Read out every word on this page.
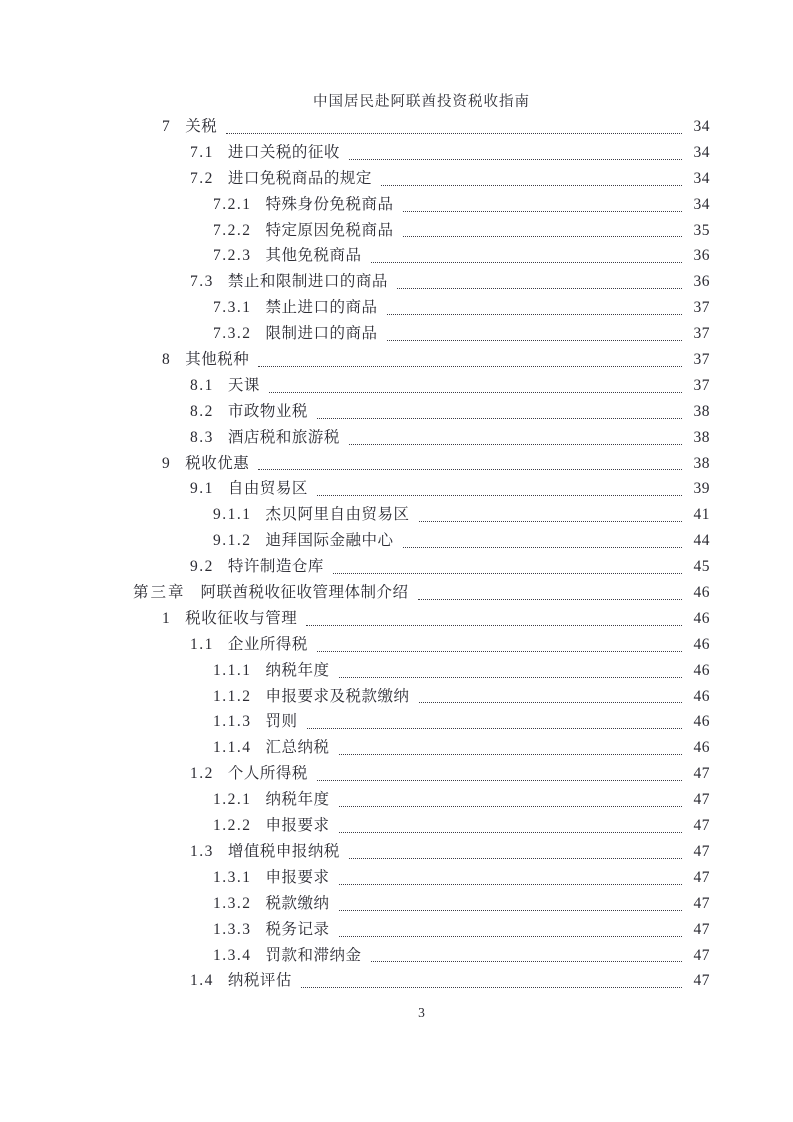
中国居民赴阿联酋投资税收指南
7 关税	34
7.1 进口关税的征收	34
7.2 进口免税商品的规定	34
7.2.1 特殊身份免税商品	34
7.2.2 特定原因免税商品	35
7.2.3 其他免税商品	36
7.3 禁止和限制进口的商品	36
7.3.1 禁止进口的商品	37
7.3.2 限制进口的商品	37
8 其他税种	37
8.1 天课	37
8.2 市政物业税	38
8.3 酒店税和旅游税	38
9 税收优惠	38
9.1 自由贸易区	39
9.1.1 杰贝阿里自由贸易区	41
9.1.2 迪拜国际金融中心	44
9.2 特许制造仓库	45
第三章 阿联酋税收征收管理体制介绍	46
1 税收征收与管理	46
1.1 企业所得税	46
1.1.1 纳税年度	46
1.1.2 申报要求及税款缴纳	46
1.1.3 罚则	46
1.1.4 汇总纳税	46
1.2 个人所得税	47
1.2.1 纳税年度	47
1.2.2 申报要求	47
1.3 增值税申报纳税	47
1.3.1 申报要求	47
1.3.2 税款缴纳	47
1.3.3 税务记录	47
1.3.4 罚款和滞纳金	47
1.4 纳税评估	47
3
